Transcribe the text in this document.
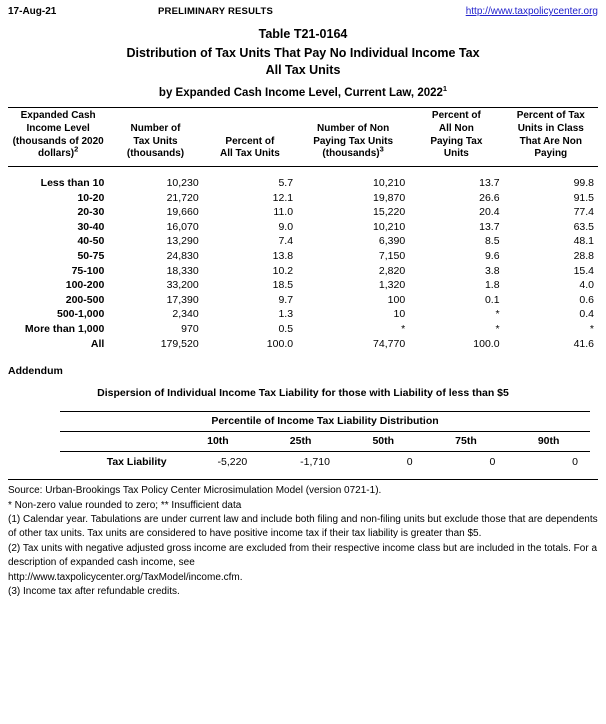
17-Aug-21	PRELIMINARY RESULTS	http://www.taxpolicycenter.org
Table T21-0164
Distribution of Tax Units That Pay No Individual Income Tax
All Tax Units
by Expanded Cash Income Level, Current Law, 2022$^1$
Expanded Cash
Income Level
(thousands of 2020
dollars)$^2$	Number of
Tax Units
(thousands)	Percent of
All Tax Units	Number of Non
Paying Tax Units
(thousands)$^3$	Percent of
All Non
Paying Tax
Units	Percent of Tax
Units in Class
That Are Non
Paying

Less than 10	10,230	5.7	10,210	13.7	99.8
10-20	21,720	12.1	19,870	26.6	91.5
20-30	19,660	11.0	15,220	20.4	77.4
30-40	16,070	9.0	10,210	13.7	63.5
40-50	13,290	7.4	6,390	8.5	48.1
50-75	24,830	13.8	7,150	9.6	28.8
75-100	18,330	10.2	2,820	3.8	15.4
100-200	33,200	18.5	1,320	1.8	4.0
200-500	17,390	9.7	100	0.1	0.6
500-1,000	2,340	1.3	10	*	0.4
More than 1,000	970	0.5	*	*	*
All	179,520	100.0	74,770	100.0	41.6
Addendum
Dispersion of Individual Income Tax Liability for those with Liability of less than $5
Percentile of Income Tax Liability Distribution					
	10th	25th	50th	75th	90th
Tax Liability	-5,220	-1,710	0	0	0

Source: Urban-Brookings Tax Policy Center Microsimulation Model (version 0721-1).

* Non-zero value rounded to zero; ** Insufficient data

(1) Calendar year. Tabulations are under current law and include both filing and non-filing units but exclude those that are dependents of other tax units. Tax units are considered to have positive income tax if their tax liability is greater than $5.

(2) Tax units with negative adjusted gross income are excluded from their respective income class but are included in the totals. For a description of expanded cash income, see

http://www.taxpolicycenter.org/TaxModel/income.cfm.

(3) Income tax after refundable credits.
